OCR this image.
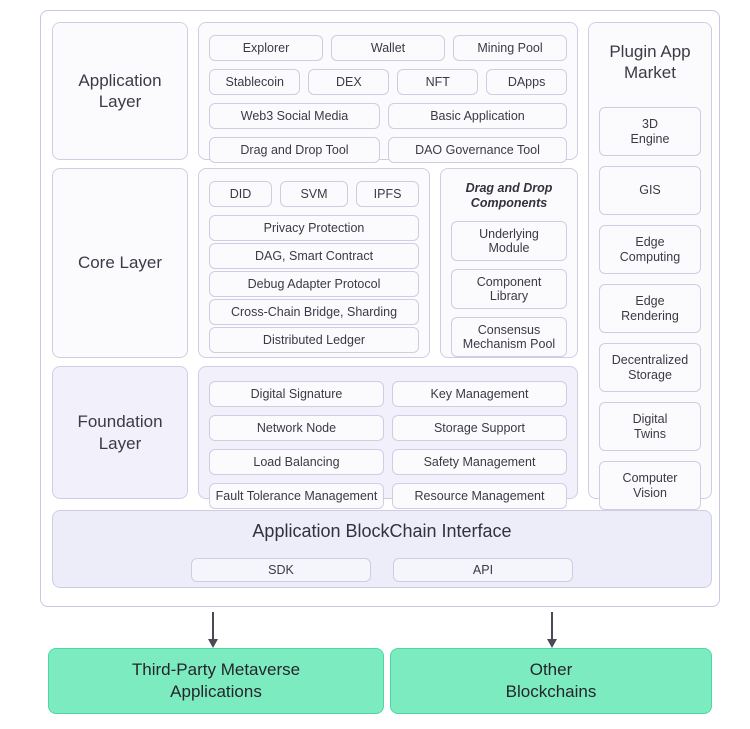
Application
Layer
Core Layer
Foundation
Layer
Explorer	Wallet	Mining Pool
Stablecoin	DEX	NFT	DApps
Web3 Social Media	Basic Application
Drag and Drop Tool	DAO Governance Tool
DID	SVM	IPFS
Privacy Protection
DAG, Smart Contract
Debug Adapter Protocol
Cross-Chain Bridge, Sharding
Distributed Ledger
Drag and Drop
Components
Underlying
Module
Component
Library
Consensus
Mechanism Pool
Digital Signature	Key Management
Network Node	Storage Support
Load Balancing	Safety Management
Fault Tolerance Management	Resource Management
Plugin App
Market
3D
Engine
GIS
Edge
Computing
Edge
Rendering
Decentralized
Storage
Digital
Twins
Computer
Vision
Application BlockChain Interface
SDK	API
Third-Party Metaverse
Applications
Other
Blockchains
